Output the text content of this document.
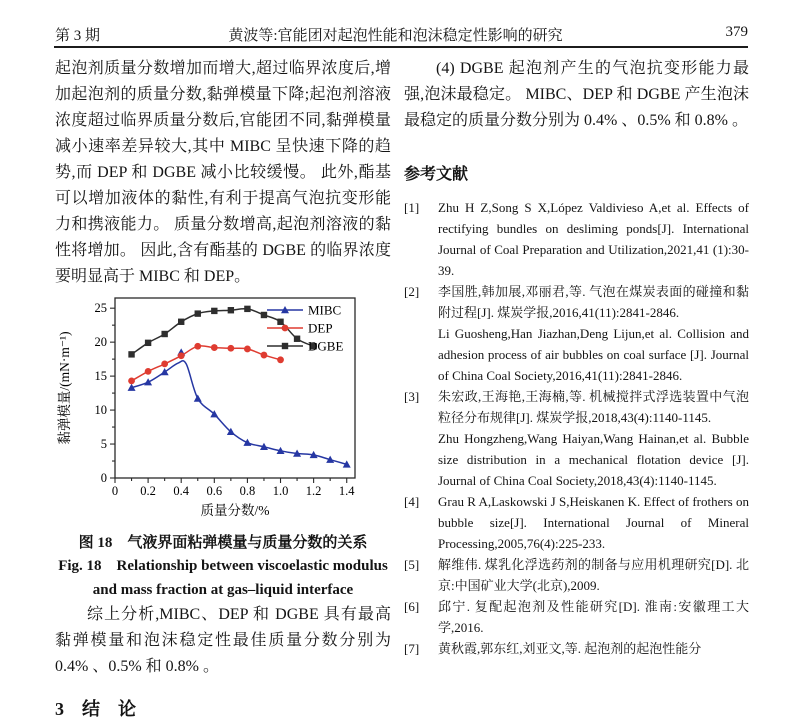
第 3 期	黄波等:官能团对起泡性能和泡沫稳定性影响的研究	379

起泡剂质量分数增加而增大,超过临界浓度后,增加起泡剂的质量分数,黏弹模量下降;起泡剂溶液浓度超过临界质量分数后,官能团不同,黏弹模量减小速率差异较大,其中 MIBC 呈快速下降的趋势,而 DEP 和 DGBE 减小比较缓慢。 此外,酯基可以增加液体的黏性,有利于提高气泡抗变形能力和携液能力。 质量分数增高,起泡剂溶液的黏性将增加。 因此,含有酯基的 DGBE 的临界浓度要明显高于 MIBC 和 DEP。

0 0.2 0.4 0.6 0.8 1.0 1.2 1.4
质量分数/%
0
5
10
15
20
25
黏弹模量/(mN·m⁻¹)
MIBC
DEP
DGBE
图 18　气液界面粘弹模量与质量分数的关系
Fig. 18　Relationship between viscoelastic modulus
and mass fraction at gas–liquid interface

综上分析,MIBC、DEP 和 DGBE 具有最高黏弹模量和泡沫稳定性最佳质量分数分别为 0.4% 、0.5% 和 0.8% 。

3　结　论

(4) DGBE 起泡剂产生的气泡抗变形能力最强,泡沫最稳定。 MIBC、DEP 和 DGBE 产生泡沫最稳定的质量分数分别为 0.4% 、0.5% 和 0.8% 。

参考文献
[1]	Zhu H Z,Song S X,López Valdivieso A,et al. Effects of rectifying bundles on desliming ponds[J]. International Journal of Coal Preparation and Utilization,2021,41 (1):30-39.

[2]	李国胜,韩加展,邓丽君,等. 气泡在煤炭表面的碰撞和黏附过程[J]. 煤炭学报,2016,41(11):2841-2846.

Li Guosheng,Han Jiazhan,Deng Lijun,et al. Collision and adhesion process of air bubbles on coal surface [J]. Journal of China Coal Society,2016,41(11):2841-2846.

[3]	朱宏政,王海艳,王海楠,等. 机械搅拌式浮选装置中气泡粒径分布规律[J]. 煤炭学报,2018,43(4):1140-1145.

Zhu Hongzheng,Wang Haiyan,Wang Hainan,et al. Bubble size distribution in a mechanical flotation device [J]. Journal of China Coal Society,2018,43(4):1140-1145.

[4]	Grau R A,Laskowski J S,Heiskanen K. Effect of frothers on bubble size[J]. International Journal of Mineral Processing,2005,76(4):225-233.

[5]	解维伟. 煤乳化浮选药剂的制备与应用机理研究[D]. 北京:中国矿业大学(北京),2009.

[6]	邱宁. 复配起泡剂及性能研究[D]. 淮南:安徽理工大学,2016.

[7]	黄秋霞,郭东红,刘亚文,等. 起泡剂的起泡性能分
